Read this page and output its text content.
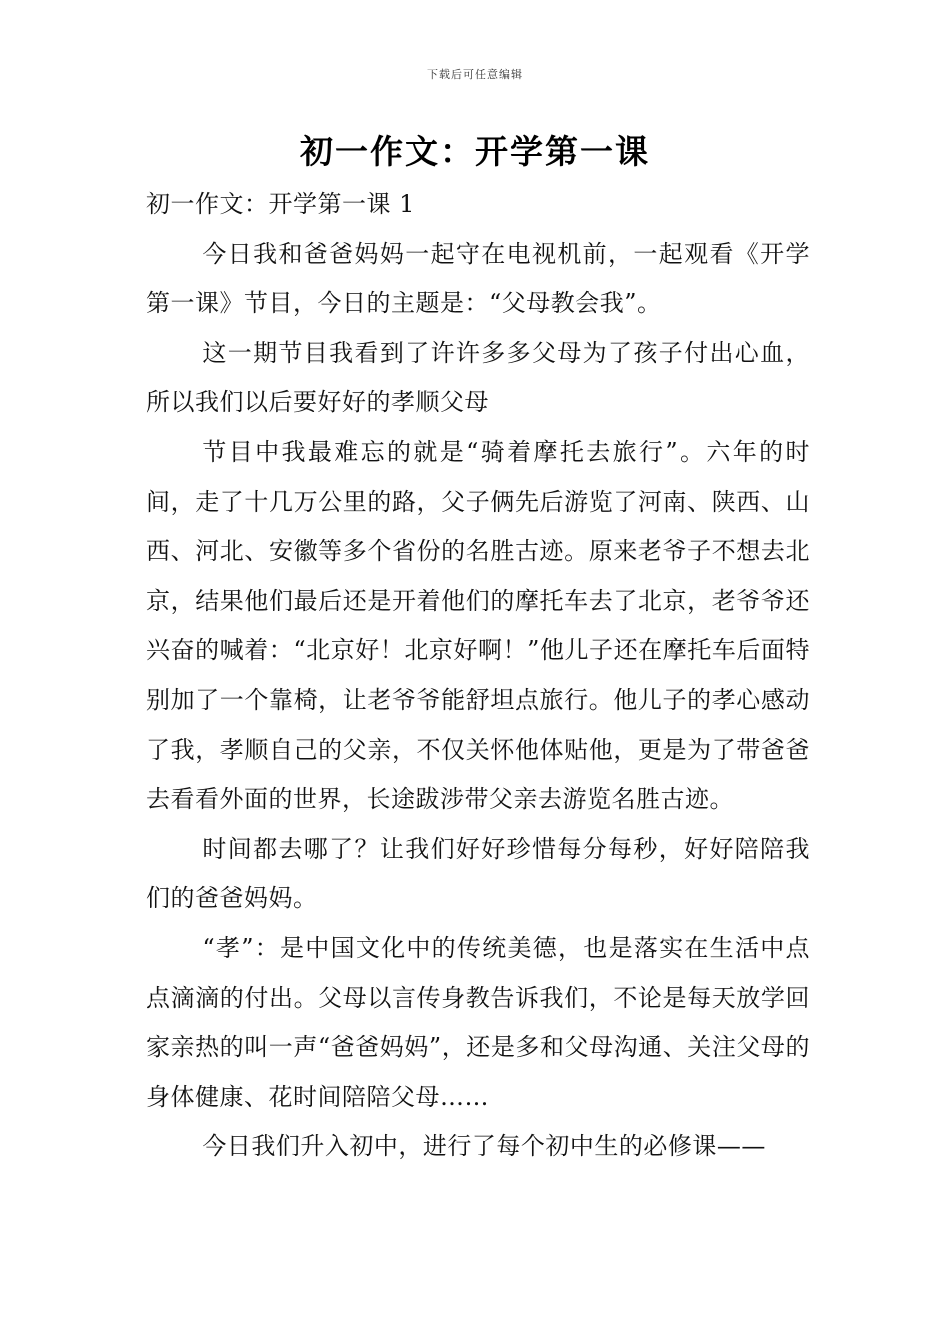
下载后可任意编辑
初一作文：开学第一课

初一作文：开学第一课 1

今日我和爸爸妈妈一起守在电视机前，一起观看《开学第一课》节目，今日的主题是：“父母教会我”。

这一期节目我看到了许许多多父母为了孩子付出心血，所以我们以后要好好的孝顺父母

节目中我最难忘的就是“骑着摩托去旅行”。六年的时间，走了十几万公里的路，父子俩先后游览了河南、陕西、山西、河北、安徽等多个省份的名胜古迹。原来老爷子不想去北京，结果他们最后还是开着他们的摩托车去了北京，老爷爷还兴奋的喊着：“北京好！北京好啊！”他儿子还在摩托车后面特别加了一个靠椅，让老爷爷能舒坦点旅行。他儿子的孝心感动了我，孝顺自己的父亲，不仅关怀他体贴他，更是为了带爸爸去看看外面的世界，长途跋涉带父亲去游览名胜古迹。

时间都去哪了？让我们好好珍惜每分每秒，好好陪陪我们的爸爸妈妈。

“孝”：是中国文化中的传统美德，也是落实在生活中点点滴滴的付出。父母以言传身教告诉我们，不论是每天放学回家亲热的叫一声“爸爸妈妈”，还是多和父母沟通、关注父母的身体健康、花时间陪陪父母……

今日我们升入初中，进行了每个初中生的必修课——
